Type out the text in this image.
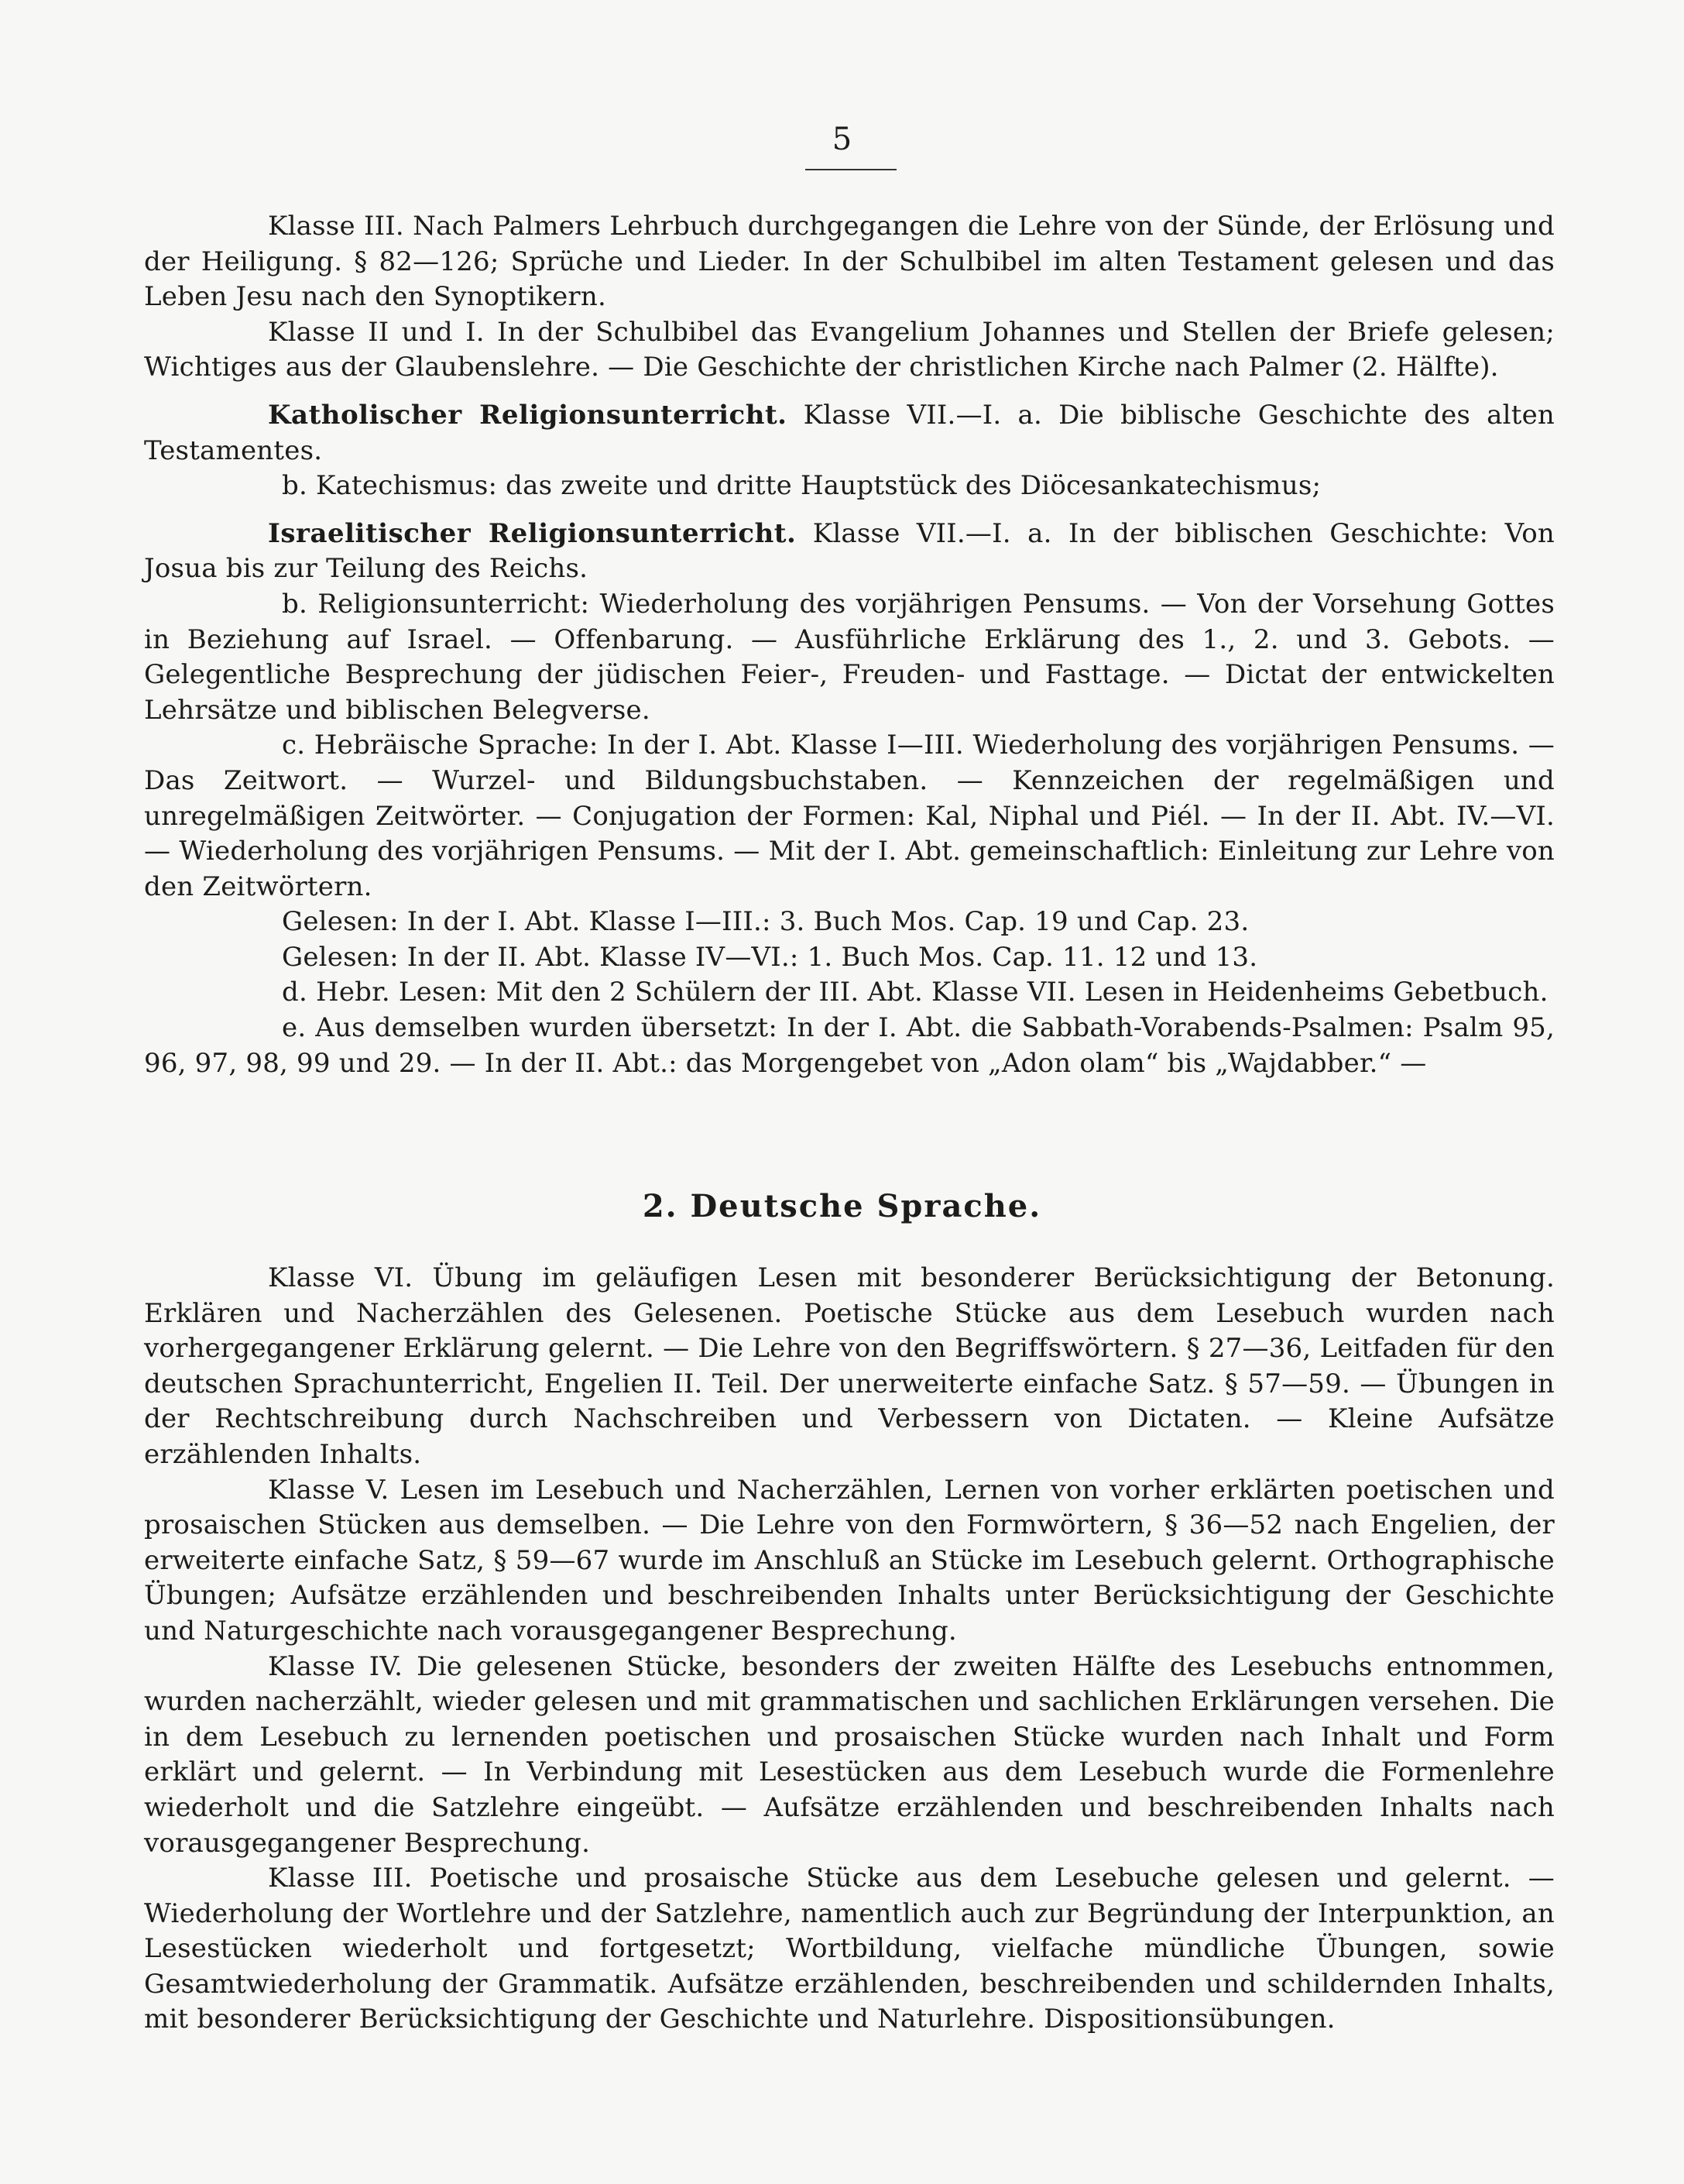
5

Klasse III. Nach Palmers Lehrbuch durchgegangen die Lehre von der Sünde, der Erlösung und der Heiligung. § 82—126; Sprüche und Lieder. In der Schulbibel im alten Testament gelesen und das Leben Jesu nach den Synoptikern.

Klasse II und I. In der Schulbibel das Evangelium Johannes und Stellen der Briefe gelesen; Wichtiges aus der Glaubenslehre. — Die Geschichte der christlichen Kirche nach Palmer (2. Hälfte).

Katholischer Religionsunterricht. Klasse VII.—I. a. Die biblische Geschichte des alten Testamentes.

b. Katechismus: das zweite und dritte Hauptstück des Diöcesankatechismus;

Israelitischer Religionsunterricht. Klasse VII.—I. a. In der biblischen Geschichte: Von Josua bis zur Teilung des Reichs.

b. Religionsunterricht: Wiederholung des vorjährigen Pensums. — Von der Vorsehung Gottes in Beziehung auf Israel. — Offenbarung. — Ausführliche Erklärung des 1., 2. und 3. Gebots. — Gelegentliche Besprechung der jüdischen Feier-, Freuden- und Fasttage. — Dictat der entwickelten Lehrsätze und biblischen Belegverse.

c. Hebräische Sprache: In der I. Abt. Klasse I—III. Wiederholung des vorjährigen Pensums. — Das Zeitwort. — Wurzel- und Bildungsbuchstaben. — Kennzeichen der regelmäßigen und unregelmäßigen Zeitwörter. — Conjugation der Formen: Kal, Niphal und Piél. — In der II. Abt. IV.—VI. — Wiederholung des vorjährigen Pensums. — Mit der I. Abt. gemeinschaftlich: Einleitung zur Lehre von den Zeitwörtern.

Gelesen: In der I. Abt. Klasse I—III.: 3. Buch Mos. Cap. 19 und Cap. 23.

Gelesen: In der II. Abt. Klasse IV—VI.: 1. Buch Mos. Cap. 11. 12 und 13.

d. Hebr. Lesen: Mit den 2 Schülern der III. Abt. Klasse VII. Lesen in Heidenheims Gebetbuch.

e. Aus demselben wurden übersetzt: In der I. Abt. die Sabbath-Vorabends-Psalmen: Psalm 95, 96, 97, 98, 99 und 29. — In der II. Abt.: das Morgengebet von „Adon olam“ bis „Wajdabber.“ —

2. Deutsche Sprache.

Klasse VI. Übung im geläufigen Lesen mit besonderer Berücksichtigung der Betonung. Erklären und Nacherzählen des Gelesenen. Poetische Stücke aus dem Lesebuch wurden nach vorhergegangener Erklärung gelernt. — Die Lehre von den Begriffswörtern. § 27—36, Leitfaden für den deutschen Sprachunterricht, Engelien II. Teil. Der unerweiterte einfache Satz. § 57—59. — Übungen in der Rechtschreibung durch Nachschreiben und Verbessern von Dictaten. — Kleine Aufsätze erzählenden Inhalts.

Klasse V. Lesen im Lesebuch und Nacherzählen, Lernen von vorher erklärten poetischen und prosaischen Stücken aus demselben. — Die Lehre von den Formwörtern, § 36—52 nach Engelien, der erweiterte einfache Satz, § 59—67 wurde im Anschluß an Stücke im Lesebuch gelernt. Orthographische Übungen; Aufsätze erzählenden und beschreibenden Inhalts unter Berücksichtigung der Geschichte und Naturgeschichte nach vorausgegangener Besprechung.

Klasse IV. Die gelesenen Stücke, besonders der zweiten Hälfte des Lesebuchs entnommen, wurden nacherzählt, wieder gelesen und mit grammatischen und sachlichen Erklärungen versehen. Die in dem Lesebuch zu lernenden poetischen und prosaischen Stücke wurden nach Inhalt und Form erklärt und gelernt. — In Verbindung mit Lesestücken aus dem Lesebuch wurde die Formenlehre wiederholt und die Satzlehre eingeübt. — Aufsätze erzählenden und beschreibenden Inhalts nach vorausgegangener Besprechung.

Klasse III. Poetische und prosaische Stücke aus dem Lesebuche gelesen und gelernt. — Wiederholung der Wortlehre und der Satzlehre, namentlich auch zur Begründung der Interpunktion, an Lesestücken wiederholt und fortgesetzt; Wortbildung, vielfache mündliche Übungen, sowie Gesamtwiederholung der Grammatik. Aufsätze erzählenden, beschreibenden und schildernden Inhalts, mit besonderer Berücksichtigung der Geschichte und Naturlehre. Dispositionsübungen.
